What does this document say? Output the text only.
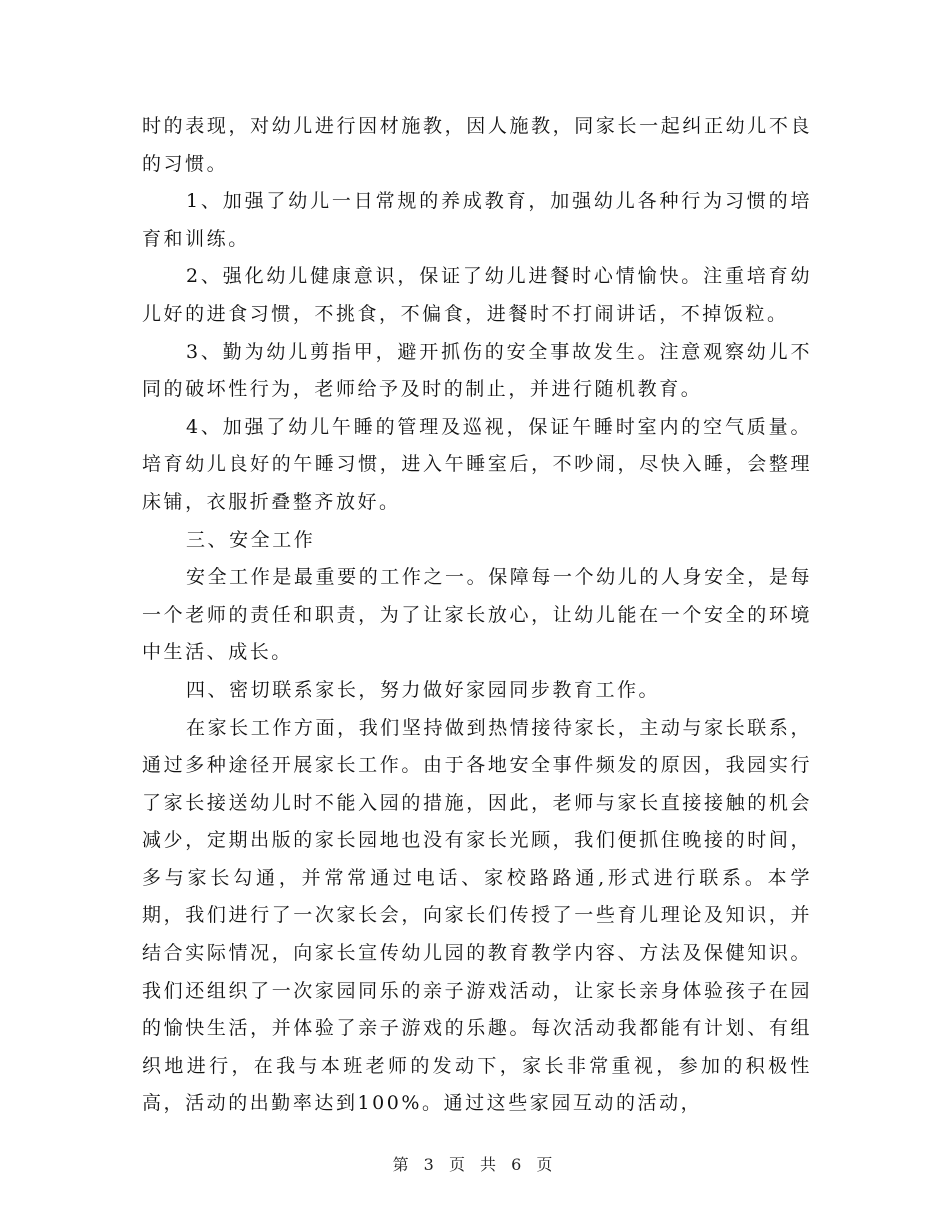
时的表现，对幼儿进行因材施教，因人施教，同家长一起纠正幼儿不良的习惯。

1、加强了幼儿一日常规的养成教育，加强幼儿各种行为习惯的培育和训练。

2、强化幼儿健康意识，保证了幼儿进餐时心情愉快。注重培育幼儿好的进食习惯，不挑食，不偏食，进餐时不打闹讲话，不掉饭粒。

3、勤为幼儿剪指甲，避开抓伤的安全事故发生。注意观察幼儿不同的破坏性行为，老师给予及时的制止，并进行随机教育。

4、加强了幼儿午睡的管理及巡视，保证午睡时室内的空气质量。培育幼儿良好的午睡习惯，进入午睡室后，不吵闹，尽快入睡，会整理床铺，衣服折叠整齐放好。

三、安全工作

安全工作是最重要的工作之一。保障每一个幼儿的人身安全，是每一个老师的责任和职责，为了让家长放心，让幼儿能在一个安全的环境中生活、成长。

四、密切联系家长，努力做好家园同步教育工作。

在家长工作方面，我们坚持做到热情接待家长，主动与家长联系，通过多种途径开展家长工作。由于各地安全事件频发的原因，我园实行了家长接送幼儿时不能入园的措施，因此，老师与家长直接接触的机会减少，定期出版的家长园地也没有家长光顾，我们便抓住晚接的时间，多与家长勾通，并常常通过电话、家校路路通,形式进行联系。本学期，我们进行了一次家长会，向家长们传授了一些育儿理论及知识，并结合实际情况，向家长宣传幼儿园的教育教学内容、方法及保健知识。我们还组织了一次家园同乐的亲子游戏活动，让家长亲身体验孩子在园的愉快生活，并体验了亲子游戏的乐趣。每次活动我都能有计划、有组织地进行，在我与本班老师的发动下，家长非常重视，参加的积极性高，活动的出勤率达到100%。通过这些家园互动的活动，

第 3 页 共 6 页
